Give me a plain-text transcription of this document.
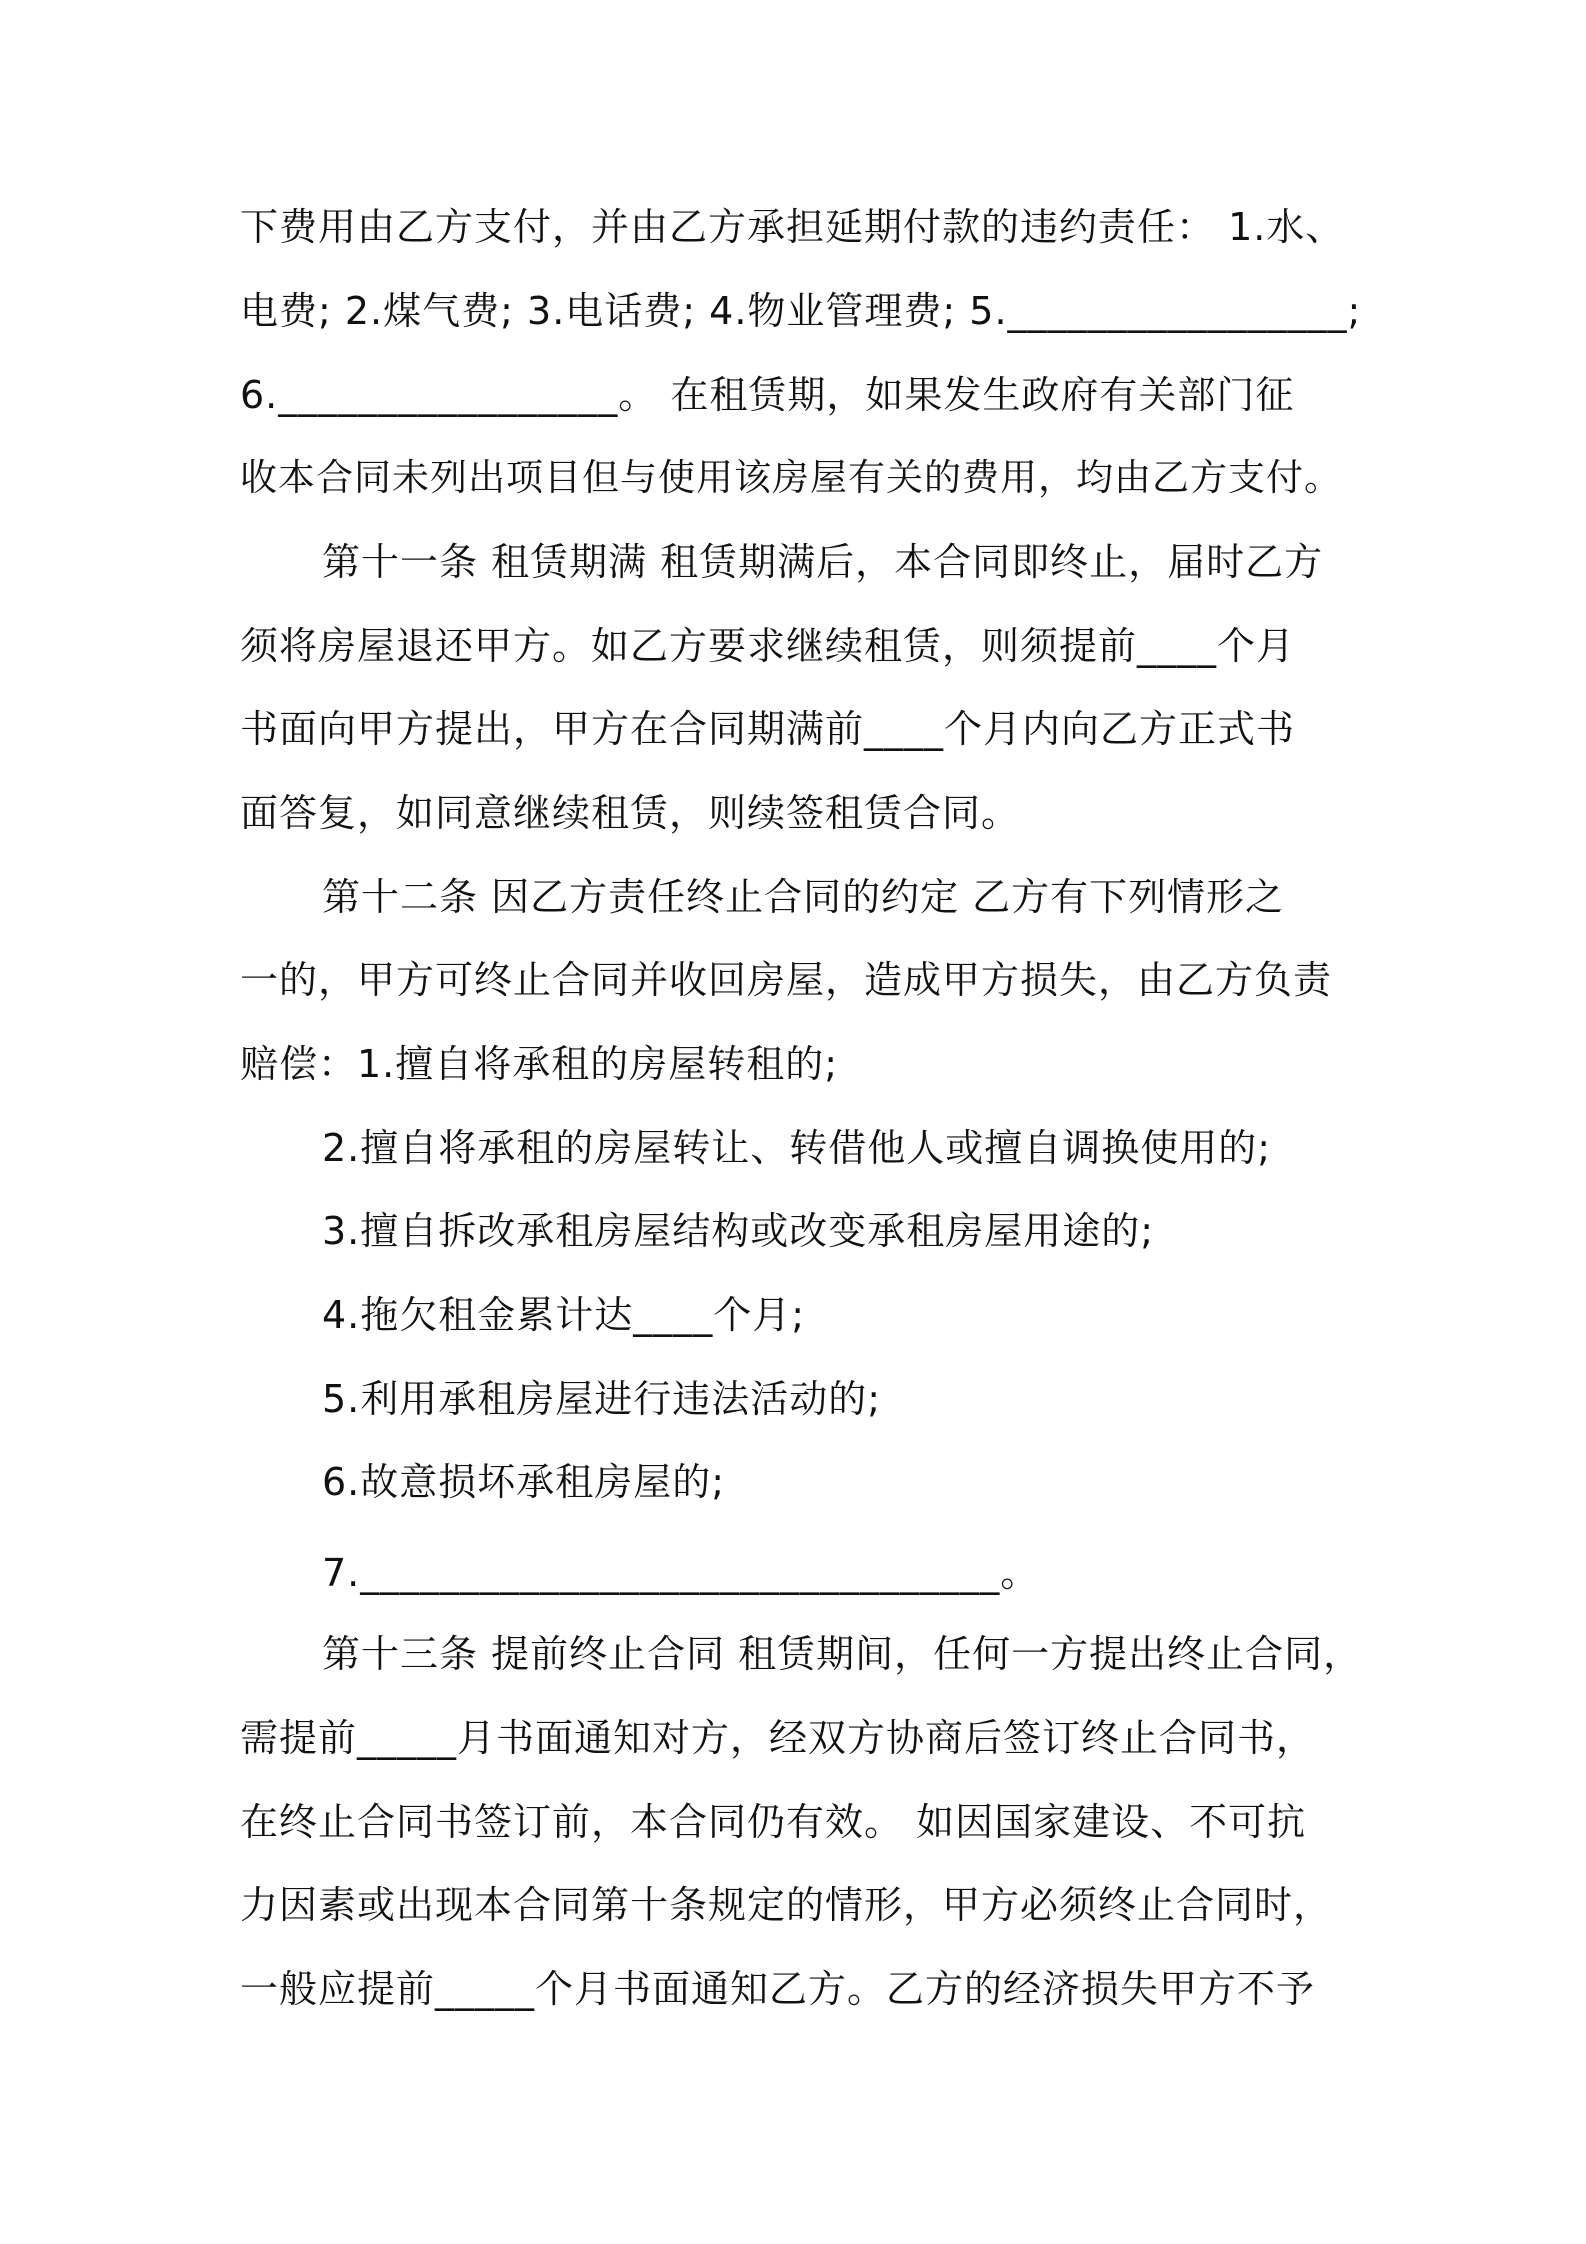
下费用由乙方支付，并由乙方承担延期付款的违约责任： 1.水、
电费; 2.煤气费; 3.电话费; 4.物业管理费; 5._________________;
6._________________。 在租赁期，如果发生政府有关部门征
收本合同未列出项目但与使用该房屋有关的费用，均由乙方支付。
第十一条 租赁期满 租赁期满后，本合同即终止，届时乙方
须将房屋退还甲方。如乙方要求继续租赁，则须提前____个月
书面向甲方提出，甲方在合同期满前____个月内向乙方正式书
面答复，如同意继续租赁，则续签租赁合同。
第十二条 因乙方责任终止合同的约定 乙方有下列情形之
一的，甲方可终止合同并收回房屋，造成甲方损失，由乙方负责
赔偿：1.擅自将承租的房屋转租的;
2.擅自将承租的房屋转让、转借他人或擅自调换使用的;
3.擅自拆改承租房屋结构或改变承租房屋用途的;
4.拖欠租金累计达____个月;
5.利用承租房屋进行违法活动的;
6.故意损坏承租房屋的;
7.________________________________。
第十三条 提前终止合同 租赁期间，任何一方提出终止合同，
需提前_____月书面通知对方，经双方协商后签订终止合同书，
在终止合同书签订前，本合同仍有效。 如因国家建设、不可抗
力因素或出现本合同第十条规定的情形，甲方必须终止合同时，
一般应提前_____个月书面通知乙方。乙方的经济损失甲方不予
